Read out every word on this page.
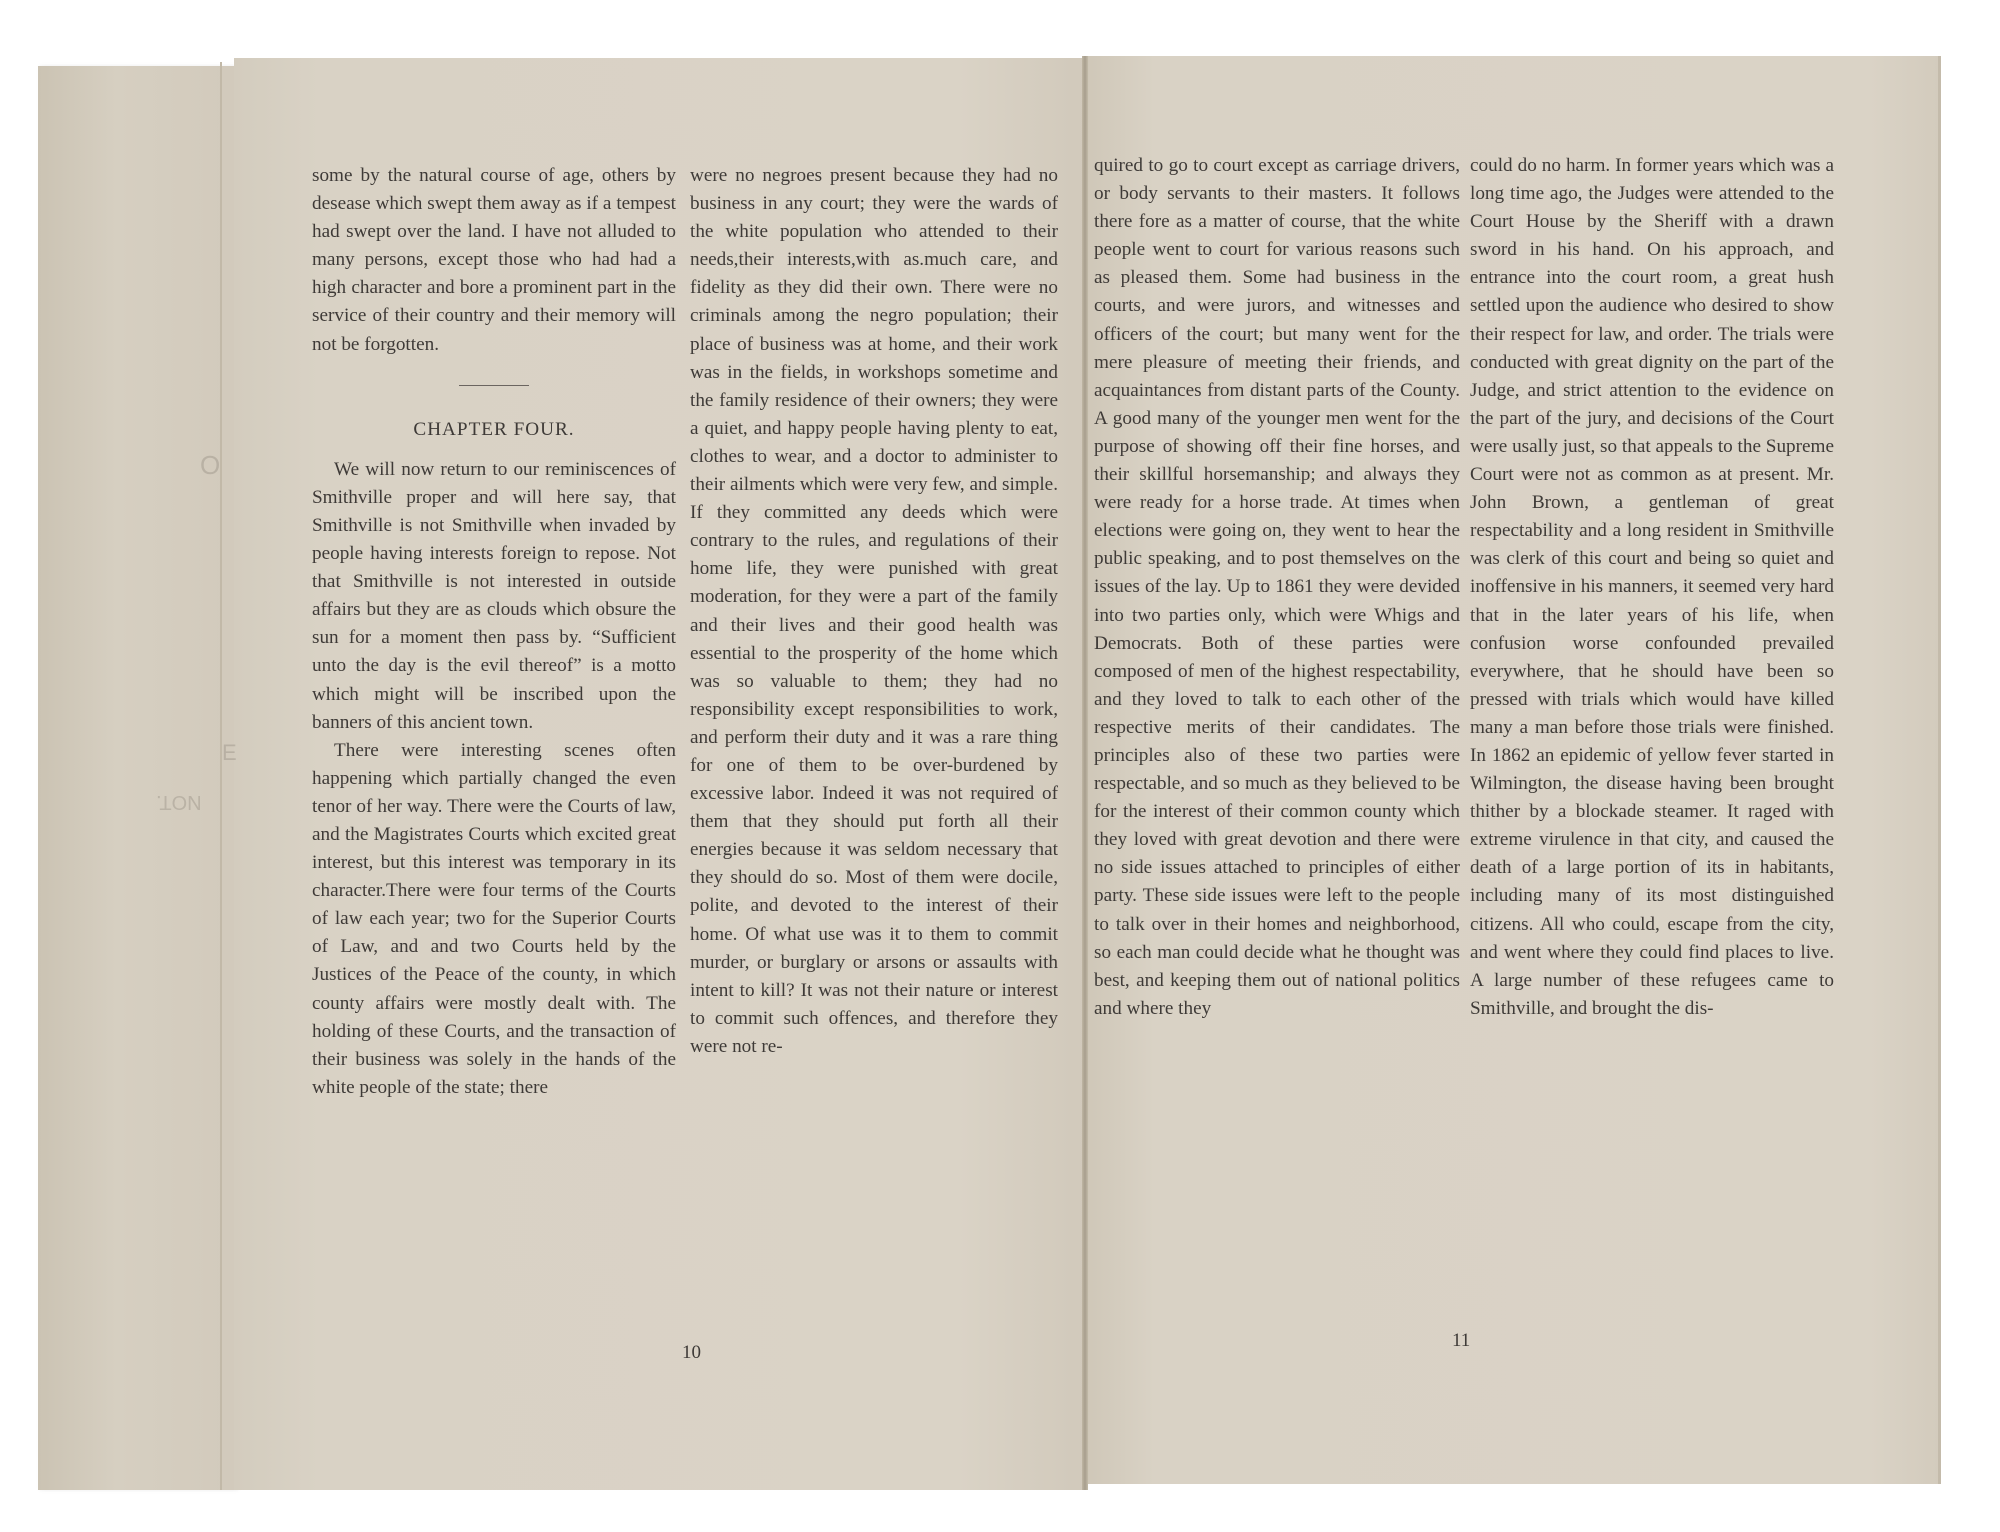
O
E
NOT.

some by the natural course of age, others by desease which swept them away as if a tempest had swept over the land. I have not alluded to many persons, except those who had had a high character and bore a prominent part in the service of their country and their memory will not be forgotten.

CHAPTER FOUR.

We will now return to our reminiscences of Smithville proper and will here say, that Smithville is not Smithville when invaded by people having interests foreign to repose. Not that Smithville is not interested in outside affairs but they are as clouds which obsure the sun for a moment then pass by. “Sufficient unto the day is the evil thereof” is a motto which might will be inscribed upon the banners of this ancient town.

There were interesting scenes often happening which partially changed the even tenor of her way. There were the Courts of law, and the Magistrates Courts which excited great interest, but this interest was temporary in its character.There were four terms of the Courts of law each year; two for the Superior Courts of Law, and and two Courts held by the Justices of the Peace of the county, in which county affairs were mostly dealt with. The holding of these Courts, and the transaction of their business was solely in the hands of the white people of the state; there

were no negroes present because they had no business in any court; they were the wards of the white population who attended to their needs,their interests,with as.much care, and fidelity as they did their own. There were no criminals among the negro population; their place of business was at home, and their work was in the fields, in workshops sometime and the family residence of their owners; they were a quiet, and happy people having plenty to eat, clothes to wear, and a doctor to administer to their ailments which were very few, and simple. If they committed any deeds which were contrary to the rules, and regulations of their home life, they were punished with great moderation, for they were a part of the family and their lives and their good health was essential to the prosperity of the home which was so valuable to them; they had no responsibility except responsibilities to work, and perform their duty and it was a rare thing for one of them to be over-burdened by excessive labor. Indeed it was not required of them that they should put forth all their energies because it was seldom necessary that they should do so. Most of them were docile, polite, and devoted to the interest of their home. Of what use was it to them to commit murder, or burglary or arsons or assaults with intent to kill? It was not their nature or interest to commit such offences, and therefore they were not re-

10

quired to go to court except as carriage drivers, or body servants to their masters. It follows there fore as a matter of course, that the white people went to court for various reasons such as pleased them. Some had business in the courts, and were jurors, and witnesses and officers of the court; but many went for the mere pleasure of meeting their friends, and acquaintances from distant parts of the County. A good many of the younger men went for the purpose of showing off their fine horses, and their skillful horsemanship; and always they were ready for a horse trade. At times when elections were going on, they went to hear the public speaking, and to post themselves on the issues of the lay. Up to 1861 they were devided into two parties only, which were Whigs and Democrats. Both of these parties were composed of men of the highest respectability, and they loved to talk to each other of the respective merits of their candidates. The principles also of these two parties were respectable, and so much as they believed to be for the interest of their common county which they loved with great devotion and there were no side issues attached to principles of either party. These side issues were left to the people to talk over in their homes and neighborhood, so each man could decide what he thought was best, and keeping them out of national politics and where they

could do no harm. In former years which was a long time ago, the Judges were attended to the Court House by the Sheriff with a drawn sword in his hand. On his approach, and entrance into the court room, a great hush settled upon the audience who desired to show their respect for law, and order. The trials were conducted with great dignity on the part of the Judge, and strict attention to the evidence on the part of the jury, and decisions of the Court were usally just, so that appeals to the Supreme Court were not as common as at present. Mr. John Brown, a gentleman of great respectability and a long resident in Smithville was clerk of this court and being so quiet and inoffensive in his manners, it seemed very hard that in the later years of his life, when confusion worse confounded prevailed everywhere, that he should have been so pressed with trials which would have killed many a man before those trials were finished. In 1862 an epidemic of yellow fever started in Wilmington, the disease having been brought thither by a blockade steamer. It raged with extreme virulence in that city, and caused the death of a large portion of its in habitants, including many of its most distinguished citizens. All who could, escape from the city, and went where they could find places to live. A large number of these refugees came to Smithville, and brought the dis-

11
